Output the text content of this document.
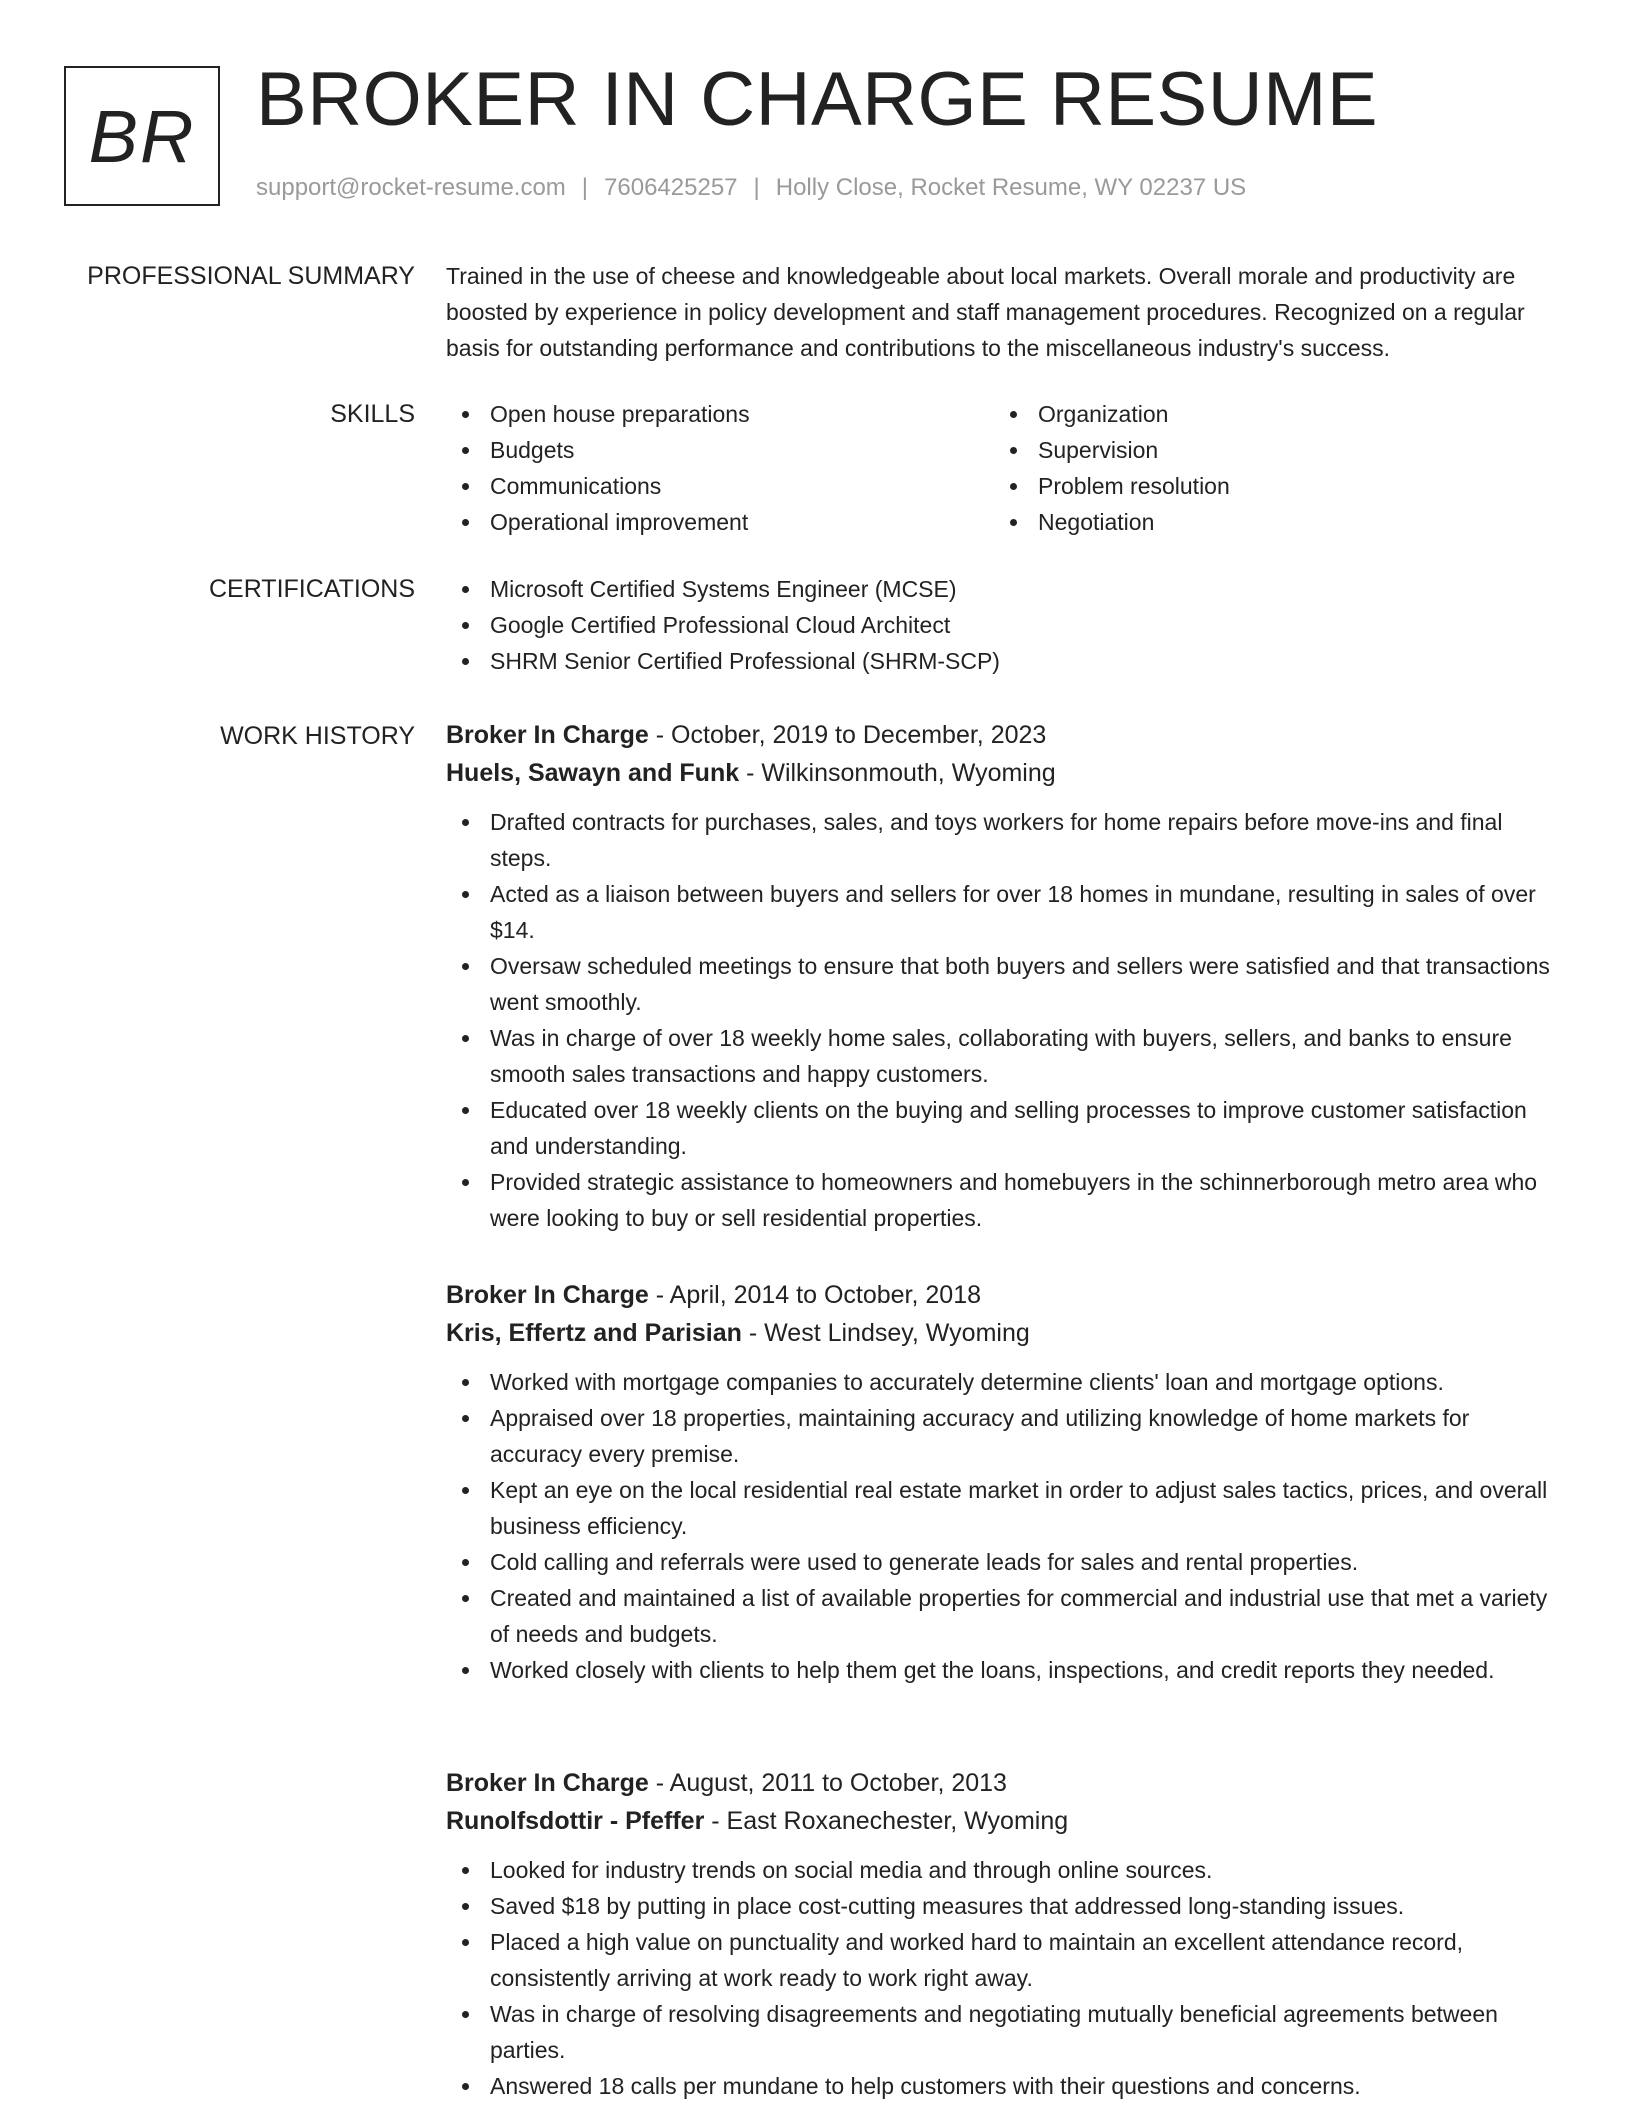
BR BROKER IN CHARGE RESUME
support@rocket-resume.com | 7606425257 | Holly Close, Rocket Resume, WY 02237 US
PROFESSIONAL SUMMARY Trained in the use of cheese and knowledgeable about local markets. Overall morale and productivity are boosted by experience in policy development and staff management procedures. Recognized on a regular basis for outstanding performance and contributions to the miscellaneous industry's success.

SKILLS	Open house preparations
Budgets
Communications
Operational improvement
Organization
Supervision
Problem resolution
Negotiation
CERTIFICATIONS	Microsoft Certified Systems Engineer (MCSE)
Google Certified Professional Cloud Architect
SHRM Senior Certified Professional (SHRM-SCP)
WORK HISTORY Broker In Charge - October, 2019 to December, 2023
Huels, Sawayn and Funk - Wilkinsonmouth, Wyoming
Drafted contracts for purchases, sales, and toys workers for home repairs before move-ins and final steps.
Acted as a liaison between buyers and sellers for over 18 homes in mundane, resulting in sales of over $14.
Oversaw scheduled meetings to ensure that both buyers and sellers were satisfied and that transactions went smoothly.
Was in charge of over 18 weekly home sales, collaborating with buyers, sellers, and banks to ensure smooth sales transactions and happy customers.
Educated over 18 weekly clients on the buying and selling processes to improve customer satisfaction and understanding.
Provided strategic assistance to homeowners and homebuyers in the schinnerborough metro area who were looking to buy or sell residential properties.
Broker In Charge - April, 2014 to October, 2018
Kris, Effertz and Parisian - West Lindsey, Wyoming
Worked with mortgage companies to accurately determine clients' loan and mortgage options.
Appraised over 18 properties, maintaining accuracy and utilizing knowledge of home markets for accuracy every premise.
Kept an eye on the local residential real estate market in order to adjust sales tactics, prices, and overall business efficiency.
Cold calling and referrals were used to generate leads for sales and rental properties.
Created and maintained a list of available properties for commercial and industrial use that met a variety of needs and budgets.
Worked closely with clients to help them get the loans, inspections, and credit reports they needed.
Broker In Charge - August, 2011 to October, 2013
Runolfsdottir - Pfeffer - East Roxanechester, Wyoming
Looked for industry trends on social media and through online sources.
Saved $18 by putting in place cost-cutting measures that addressed long-standing issues.
Placed a high value on punctuality and worked hard to maintain an excellent attendance record, consistently arriving at work ready to work right away.
Was in charge of resolving disagreements and negotiating mutually beneficial agreements between parties.
Answered 18 calls per mundane to help customers with their questions and concerns.
